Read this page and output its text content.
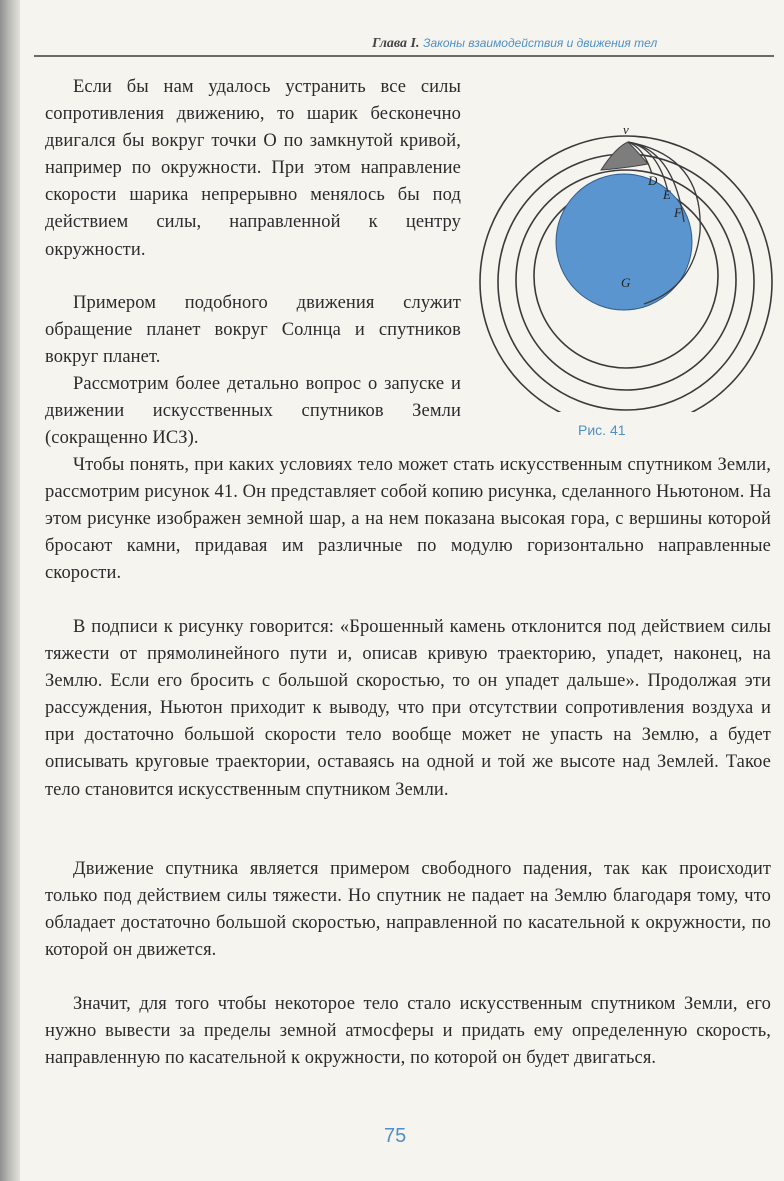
Глава I. Законы взаимодействия и движения тел

Если бы нам удалось устранить все силы сопротивления движению, то шарик бесконечно двигался бы вокруг точки O по замкнутой кривой, например по окружности. При этом направление скорости шарика непрерывно менялось бы под действием силы, направленной к центру окружности.

Примером подобного движения служит обращение планет вокруг Солнца и спутников вокруг планет.

Рассмотрим более детально вопрос о запуске и движении искусственных спутников Земли (сокращенно ИСЗ).

Чтобы понять, при каких условиях тело может стать искусственным спутником Земли, рассмотрим рисунок 41. Он представляет собой копию рисунка, сделанного Ньютоном. На этом рисунке изображен земной шар, а на нем показана высокая гора, с вершины которой бросают камни, придавая им различные по модулю горизонтально направленные скорости.

В подписи к рисунку говорится: «Брошенный камень отклонится под действием силы тяжести от прямолинейного пути и, описав кривую траекторию, упадет, наконец, на Землю. Если его бросить с большой скоростью, то он упадет дальше». Продолжая эти рассуждения, Ньютон приходит к выводу, что при отсутствии сопротивления воздуха и при достаточно большой скорости тело вообще может не упасть на Землю, а будет описывать круговые траектории, оставаясь на одной и той же высоте над Землей. Такое тело становится искусственным спутником Земли.

Движение спутника является примером свободного падения, так как происходит только под действием силы тяжести. Но спутник не падает на Землю благодаря тому, что обладает достаточно большой скоростью, направленной по касательной к окружности, по которой он движется.

Значит, для того чтобы некоторое тело стало искусственным спутником Земли, его нужно вывести за пределы земной атмосферы и придать ему определенную скорость, направленную по касательной к окружности, по которой он будет двигаться.

v
D
E
F
G
Рис. 41
75
